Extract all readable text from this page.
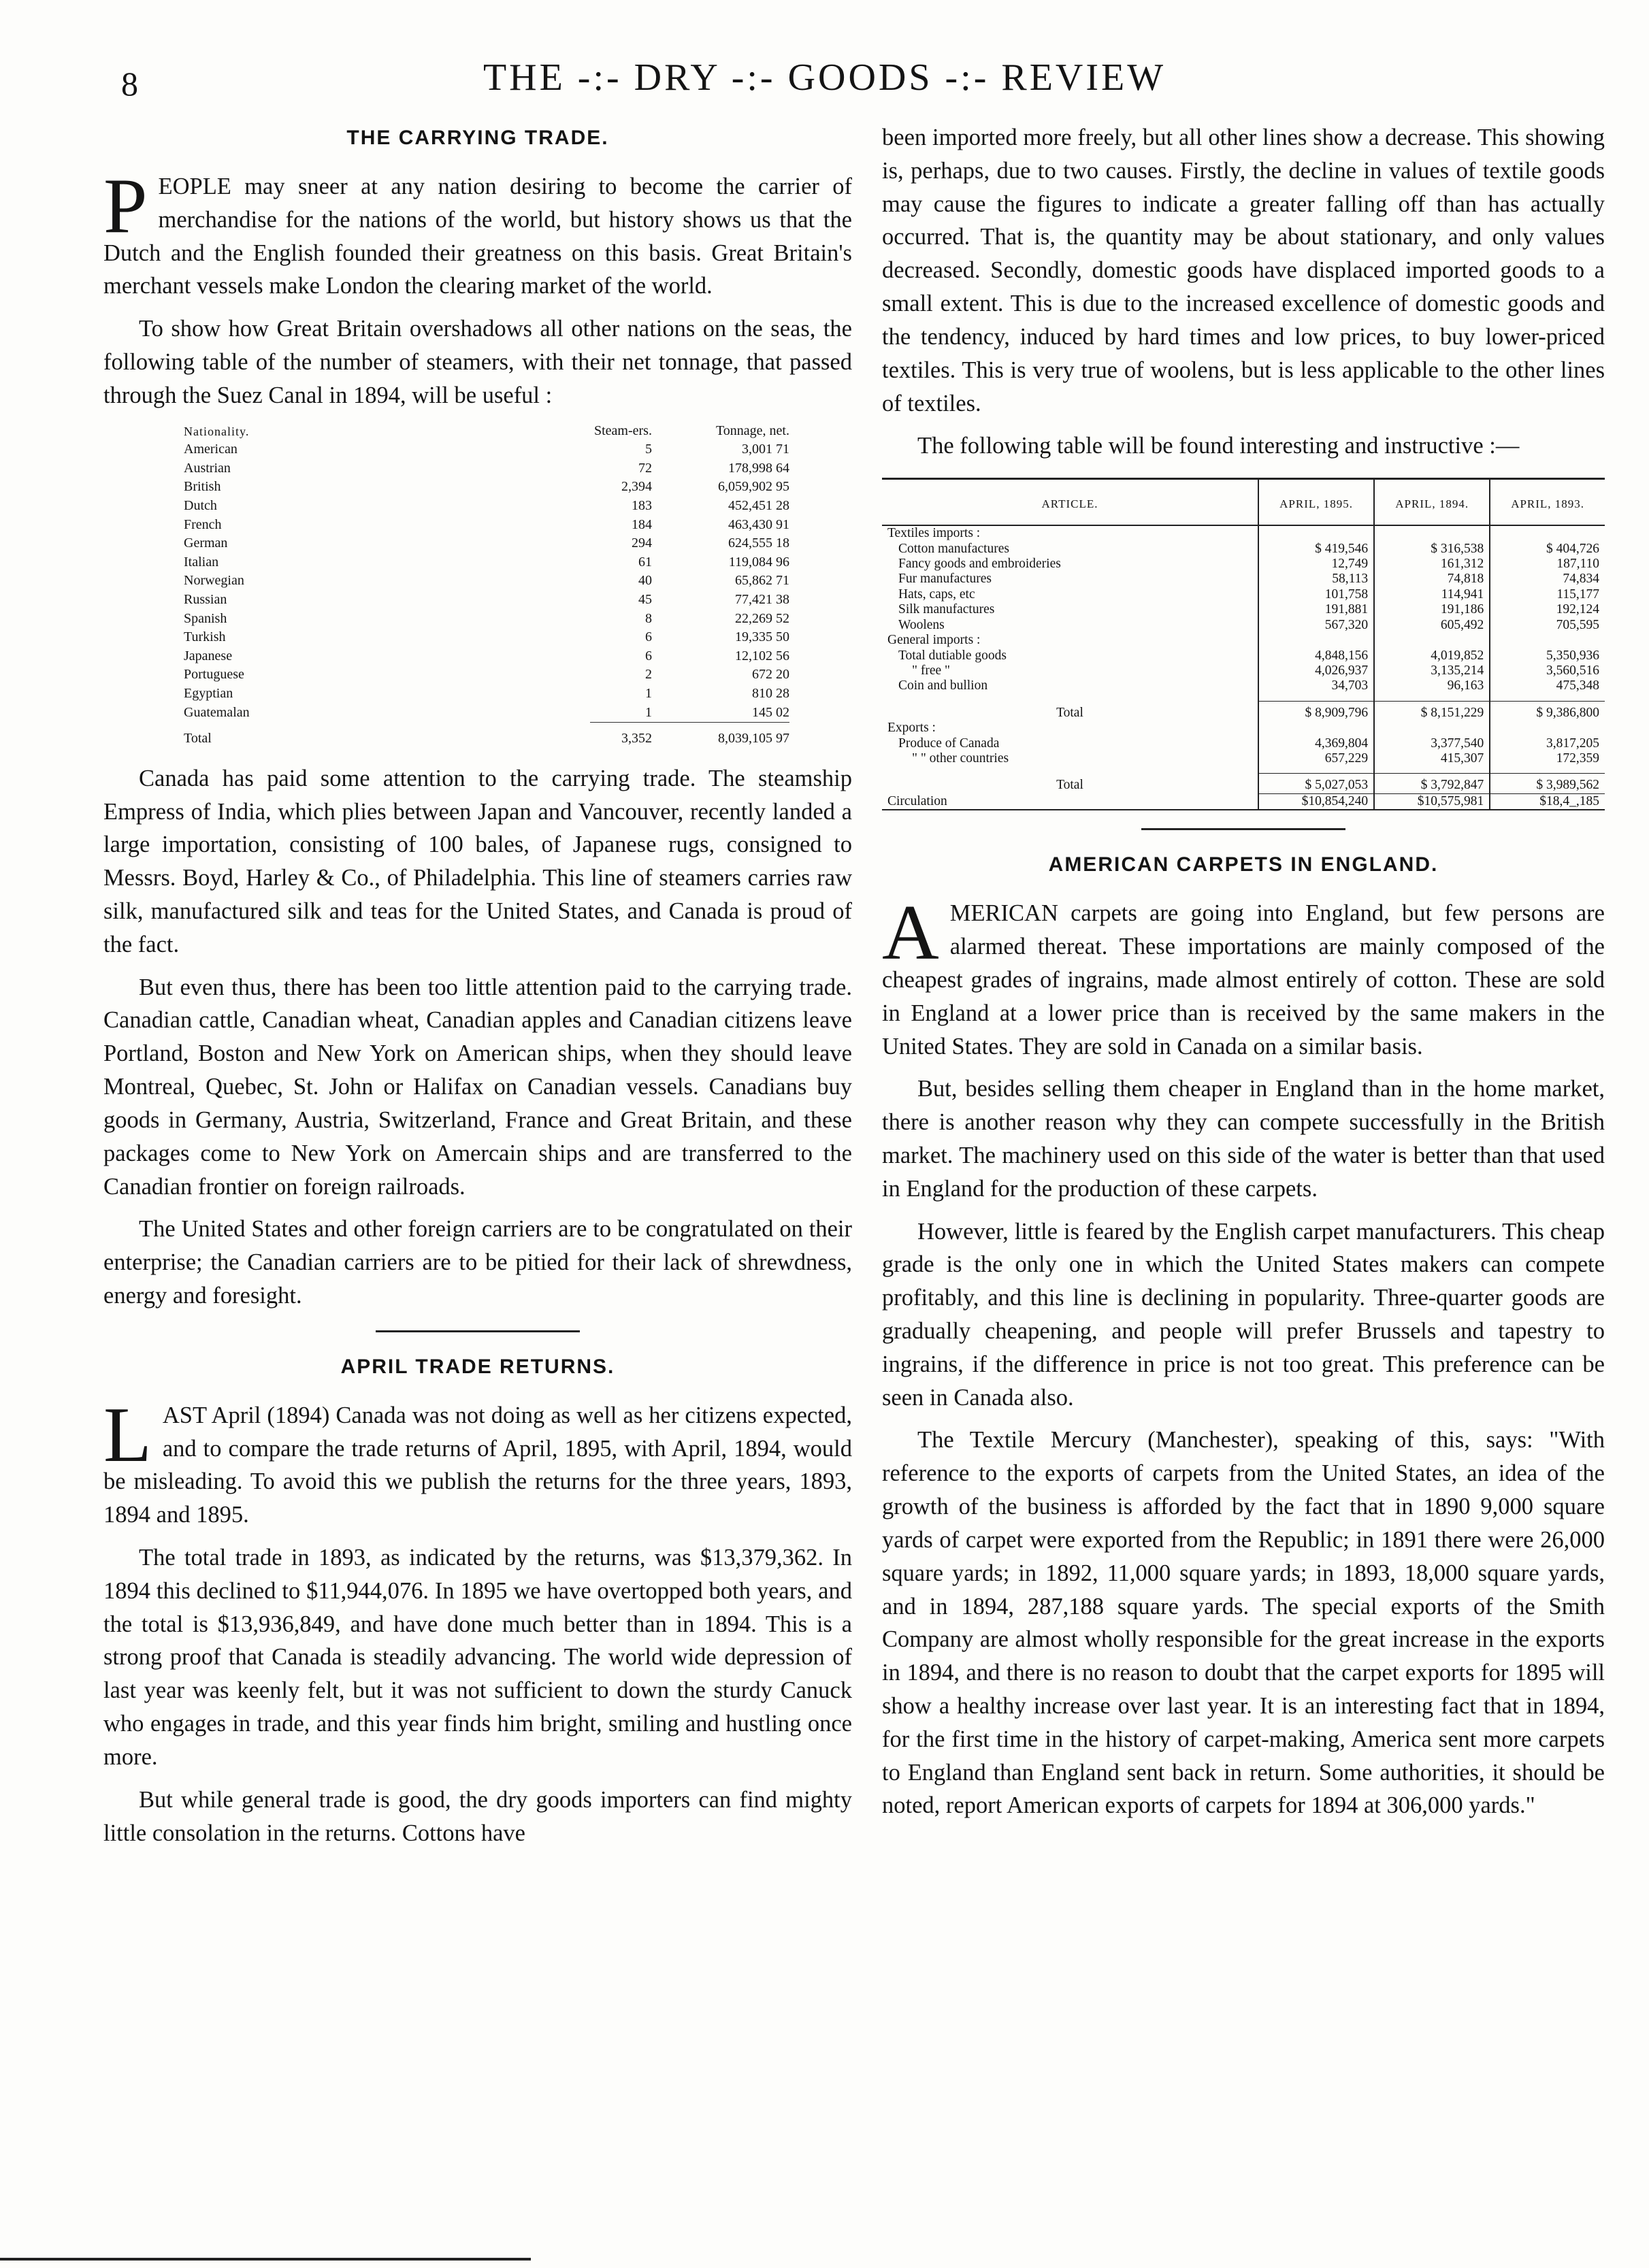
8	THE -:- DRY -:- GOODS -:- REVIEW
THE CARRYING TRADE.

PEOPLE may sneer at any nation desiring to become the carrier of merchandise for the nations of the world, but history shows us that the Dutch and the English founded their greatness on this basis. Great Britain's merchant vessels make London the clearing market of the world.

To show how Great Britain overshadows all other nations on the seas, the following table of the number of steamers, with their net tonnage, that passed through the Suez Canal in 1894, will be useful :

Nationality.	Steam-ers.	Tonnage, net.
American	5	3,001 71
Austrian	72	178,998 64
British	2,394	6,059,902 95
Dutch	183	452,451 28
French	184	463,430 91
German	294	624,555 18
Italian	61	119,084 96
Norwegian	40	65,862 71
Russian	45	77,421 38
Spanish	8	22,269 52
Turkish	6	19,335 50
Japanese	6	12,102 56
Portuguese	2	672 20
Egyptian	1	810 28
Guatemalan	1	145 02
Total	3,352	8,039,105 97

Canada has paid some attention to the carrying trade. The steamship Empress of India, which plies between Japan and Vancouver, recently landed a large importation, consisting of 100 bales, of Japanese rugs, consigned to Messrs. Boyd, Harley & Co., of Philadelphia. This line of steamers carries raw silk, manufactured silk and teas for the United States, and Canada is proud of the fact.

But even thus, there has been too little attention paid to the carrying trade. Canadian cattle, Canadian wheat, Canadian apples and Canadian citizens leave Portland, Boston and New York on American ships, when they should leave Montreal, Quebec, St. John or Halifax on Canadian vessels. Canadians buy goods in Germany, Austria, Switzerland, France and Great Britain, and these packages come to New York on Amercain ships and are transferred to the Canadian frontier on foreign railroads.

The United States and other foreign carriers are to be congratulated on their enterprise; the Canadian carriers are to be pitied for their lack of shrewdness, energy and foresight.

APRIL TRADE RETURNS.

LAST April (1894) Canada was not doing as well as her citizens expected, and to compare the trade returns of April, 1895, with April, 1894, would be misleading. To avoid this we publish the returns for the three years, 1893, 1894 and 1895.

The total trade in 1893, as indicated by the returns, was $13,379,362. In 1894 this declined to $11,944,076. In 1895 we have overtopped both years, and the total is $13,936,849, and have done much better than in 1894. This is a strong proof that Canada is steadily advancing. The world wide depression of last year was keenly felt, but it was not sufficient to down the sturdy Canuck who engages in trade, and this year finds him bright, smiling and hustling once more.

But while general trade is good, the dry goods importers can find mighty little consolation in the returns. Cottons have

been imported more freely, but all other lines show a decrease. This showing is, perhaps, due to two causes. Firstly, the decline in values of textile goods may cause the figures to indicate a greater falling off than has actually occurred. That is, the quantity may be about stationary, and only values decreased. Secondly, domestic goods have displaced imported goods to a small extent. This is due to the increased excellence of domestic goods and the tendency, induced by hard times and low prices, to buy lower-priced textiles. This is very true of woolens, but is less applicable to the other lines of textiles.

The following table will be found interesting and instructive :—

ARTICLE.	APRIL, 1895.	APRIL, 1894.	APRIL, 1893.
Textiles imports :			
Cotton manufactures	$ 419,546	$ 316,538	$ 404,726
Fancy goods and embroideries	12,749	161,312	187,110
Fur manufactures	58,113	74,818	74,834
Hats, caps, etc	101,758	114,941	115,177
Silk manufactures	191,881	191,186	192,124
Woolens	567,320	605,492	705,595
General imports :			
Total dutiable goods	4,848,156	4,019,852	5,350,936
" free "	4,026,937	3,135,214	3,560,516
Coin and bullion	34,703	96,163	475,348

Total	$ 8,909,796	$ 8,151,229	$ 9,386,800
Exports :			
Produce of Canada	4,369,804	3,377,540	3,817,205
" " other countries	657,229	415,307	172,359

Total	$ 5,027,053	$ 3,792,847	$ 3,989,562
Circulation	$10,854,240	$10,575,981	$18,4_,185
AMERICAN CARPETS IN ENGLAND.

AMERICAN carpets are going into England, but few persons are alarmed thereat. These importations are mainly composed of the cheapest grades of ingrains, made almost entirely of cotton. These are sold in England at a lower price than is received by the same makers in the United States. They are sold in Canada on a similar basis.

But, besides selling them cheaper in England than in the home market, there is another reason why they can compete successfully in the British market. The machinery used on this side of the water is better than that used in England for the production of these carpets.

However, little is feared by the English carpet manufacturers. This cheap grade is the only one in which the United States makers can compete profitably, and this line is declining in popularity. Three-quarter goods are gradually cheapening, and people will prefer Brussels and tapestry to ingrains, if the difference in price is not too great. This preference can be seen in Canada also.

The Textile Mercury (Manchester), speaking of this, says: "With reference to the exports of carpets from the United States, an idea of the growth of the business is afforded by the fact that in 1890 9,000 square yards of carpet were exported from the Republic; in 1891 there were 26,000 square yards; in 1892, 11,000 square yards; in 1893, 18,000 square yards, and in 1894, 287,188 square yards. The special exports of the Smith Company are almost wholly responsible for the great increase in the exports in 1894, and there is no reason to doubt that the carpet exports for 1895 will show a healthy increase over last year. It is an interesting fact that in 1894, for the first time in the history of carpet-making, America sent more carpets to England than England sent back in return. Some authorities, it should be noted, report American exports of carpets for 1894 at 306,000 yards."
